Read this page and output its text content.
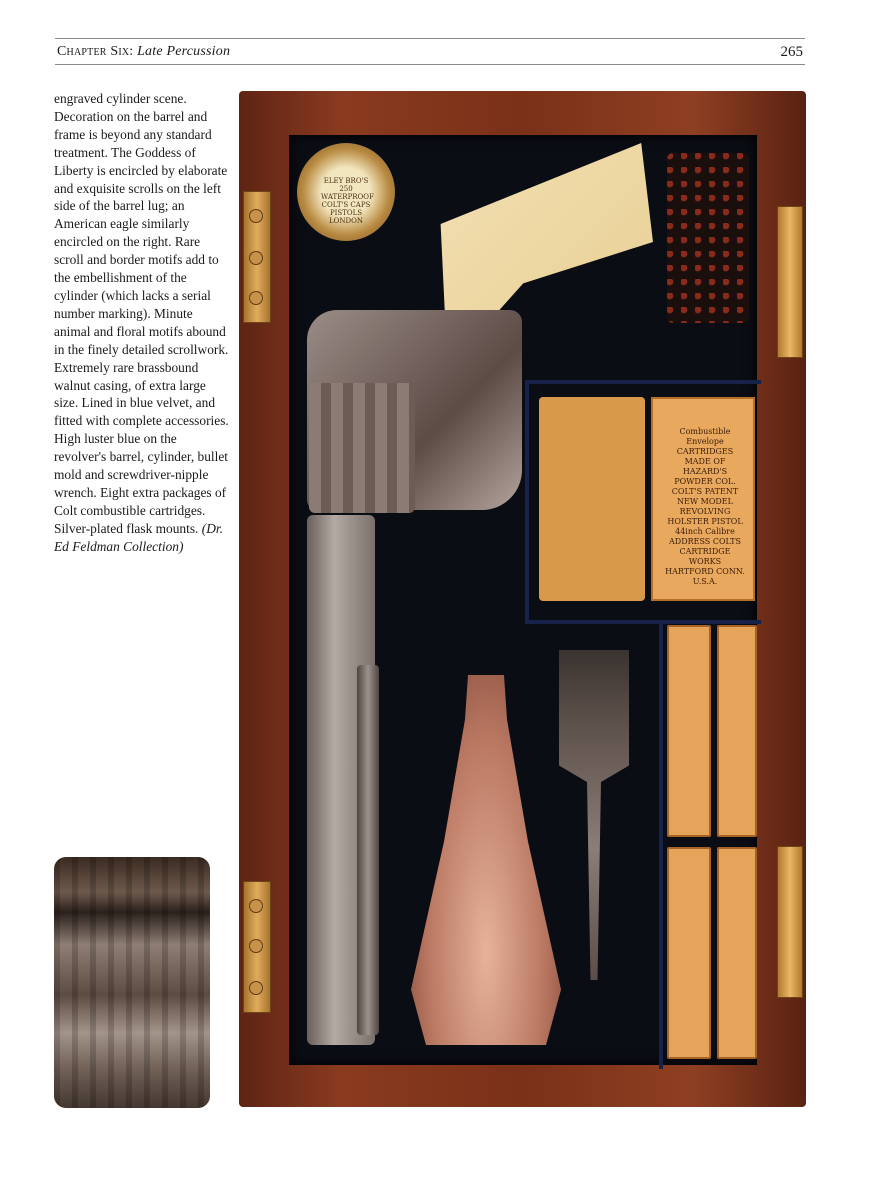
Chapter Six: Late Percussion	265

engraved cylinder scene. Decoration on the barrel and frame is beyond any standard treatment. The Goddess of Liberty is encircled by elaborate and exquisite scrolls on the left side of the barrel lug; an American eagle similarly encircled on the right. Rare scroll and border motifs add to the embellishment of the cylinder (which lacks a serial number marking). Minute animal and floral motifs abound in the finely detailed scrollwork. Extremely rare brassbound walnut casing, of extra large size. Lined in blue velvet, and fitted with complete accessories. High luster blue on the revolver's barrel, cylinder, bullet mold and screwdriver-nipple wrench. Eight extra packages of Colt combustible cartridges. Silver-plated flask mounts. (Dr. Ed Feldman Collection)

ELEY BRO'S 250 WATERPROOF COLT'S CAPS PISTOLS LONDON
Combustible Envelope CARTRIDGES MADE OF HAZARD'S POWDER COL. COLT'S PATENT NEW MODEL REVOLVING HOLSTER PISTOL 44inch Calibre ADDRESS COLTS CARTRIDGE WORKS HARTFORD CONN. U.S.A.
